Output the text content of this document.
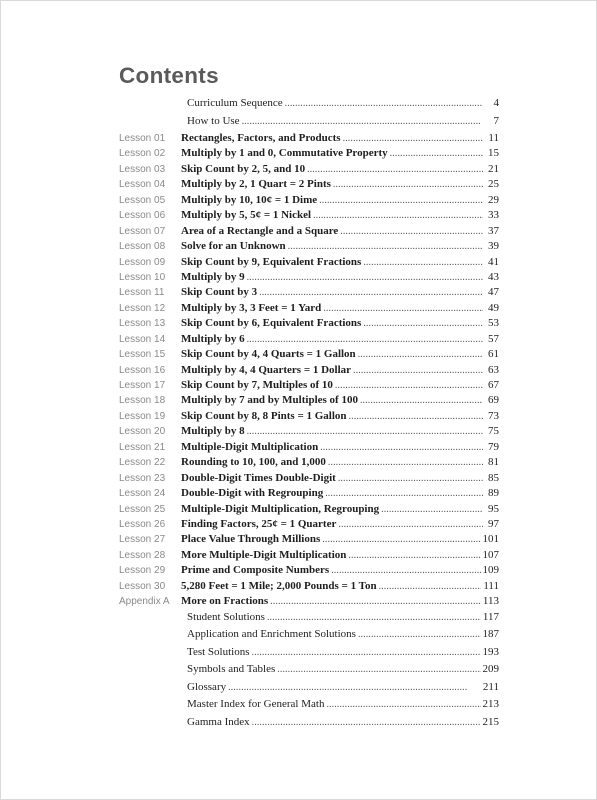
Contents
Curriculum Sequence . . .	4
How to Use . . .	7
Lesson 01	Rectangles, Factors, and Products . . .	11
Lesson 02	Multiply by 1 and 0, Commutative Property . . .	15
Lesson 03	Skip Count by 2, 5, and 10 . . .	21
Lesson 04	Multiply by 2, 1 Quart = 2 Pints . . .	25
Lesson 05	Multiply by 10, 10¢ = 1 Dime . . .	29
Lesson 06	Multiply by 5, 5¢ = 1 Nickel . . .	33
Lesson 07	Area of a Rectangle and a Square . . .	37
Lesson 08	Solve for an Unknown . . .	39
Lesson 09	Skip Count by 9, Equivalent Fractions . . .	41
Lesson 10	Multiply by 9 . . .	43
Lesson 11	Skip Count by 3 . . .	47
Lesson 12	Multiply by 3, 3 Feet = 1 Yard . . .	49
Lesson 13	Skip Count by 6, Equivalent Fractions . . .	53
Lesson 14	Multiply by 6 . . .	57
Lesson 15	Skip Count by 4, 4 Quarts = 1 Gallon . . .	61
Lesson 16	Multiply by 4, 4 Quarters = 1 Dollar . . .	63
Lesson 17	Skip Count by 7, Multiples of 10 . . .	67
Lesson 18	Multiply by 7 and by Multiples of 100 . . .	69
Lesson 19	Skip Count by 8, 8 Pints = 1 Gallon . . .	73
Lesson 20	Multiply by 8 . . .	75
Lesson 21	Multiple-Digit Multiplication . . .	79
Lesson 22	Rounding to 10, 100, and 1,000 . . .	81
Lesson 23	Double-Digit Times Double-Digit . . .	85
Lesson 24	Double-Digit with Regrouping . . .	89
Lesson 25	Multiple-Digit Multiplication, Regrouping . . .	95
Lesson 26	Finding Factors, 25¢ = 1 Quarter . . .	97
Lesson 27	Place Value Through Millions . . .	101
Lesson 28	More Multiple-Digit Multiplication . . .	107
Lesson 29	Prime and Composite Numbers . . .	109
Lesson 30	5,280 Feet = 1 Mile; 2,000 Pounds = 1 Ton . . .	111
Appendix A	More on Fractions . . .	113
Student Solutions . . .	117
Application and Enrichment Solutions . . .	187
Test Solutions . . .	193
Symbols and Tables . . .	209
Glossary . . .	211
Master Index for General Math . . .	213
Gamma Index . . .	215
